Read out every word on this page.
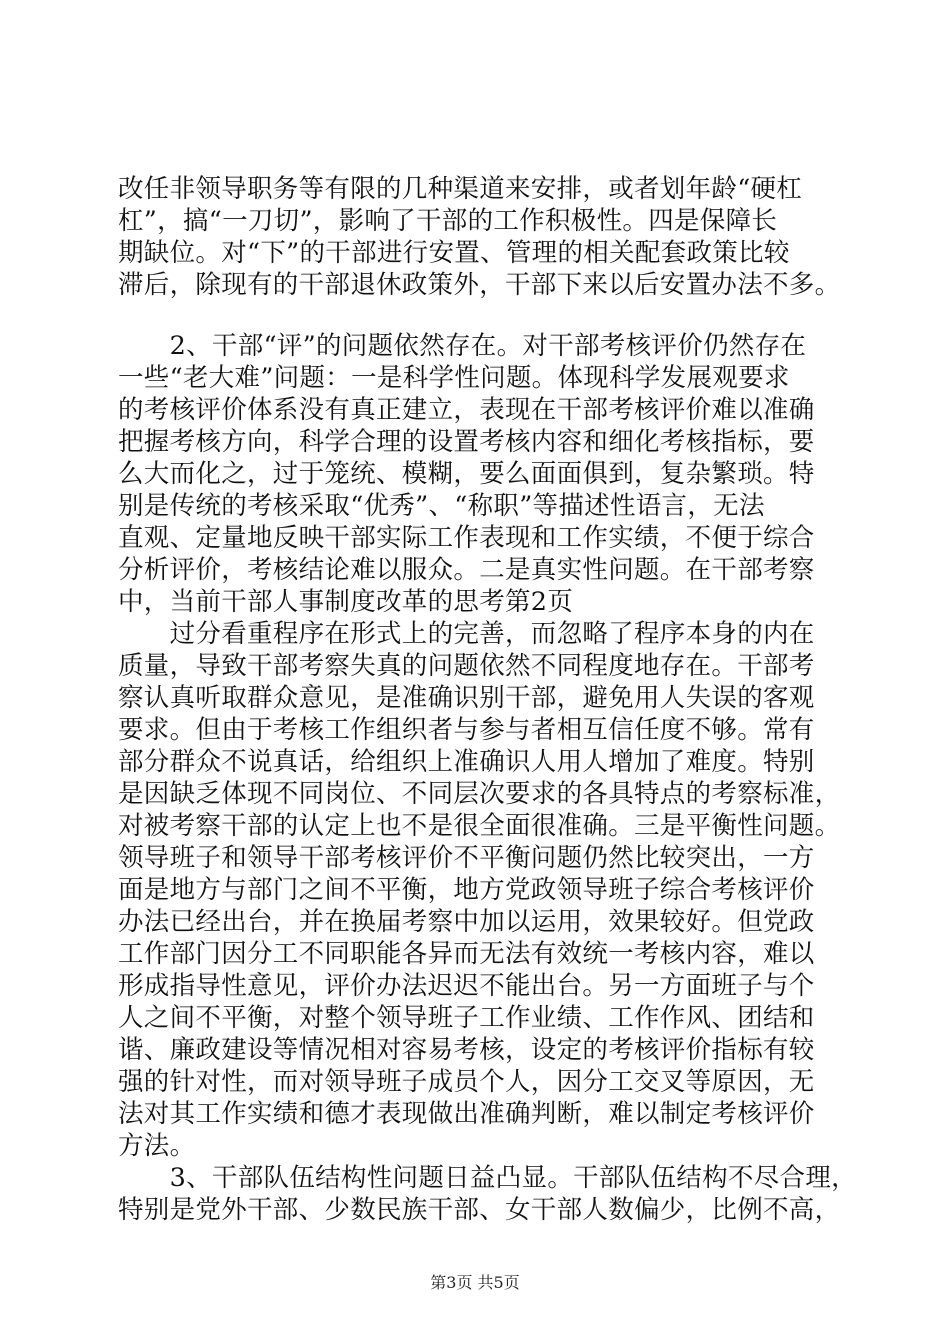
改任非领导职务等有限的几种渠道来安排，或者划年龄“硬杠
杠”，搞“一刀切”，影响了干部的工作积极性。四是保障长
期缺位。对“下”的干部进行安置、管理的相关配套政策比较
滞后，除现有的干部退休政策外，干部下来以后安置办法不多。
　　2、干部“评”的问题依然存在。对干部考核评价仍然存在
一些“老大难”问题：一是科学性问题。体现科学发展观要求
的考核评价体系没有真正建立，表现在干部考核评价难以准确
把握考核方向，科学合理的设置考核内容和细化考核指标，要
么大而化之，过于笼统、模糊，要么面面俱到，复杂繁琐。特
别是传统的考核采取“优秀”、“称职”等描述性语言，无法
直观、定量地反映干部实际工作表现和工作实绩，不便于综合
分析评价，考核结论难以服众。二是真实性问题。在干部考察
中，当前干部人事制度改革的思考第2页
　　过分看重程序在形式上的完善，而忽略了程序本身的内在
质量，导致干部考察失真的问题依然不同程度地存在。干部考
察认真听取群众意见，是准确识别干部，避免用人失误的客观
要求。但由于考核工作组织者与参与者相互信任度不够。常有
部分群众不说真话，给组织上准确识人用人增加了难度。特别
是因缺乏体现不同岗位、不同层次要求的各具特点的考察标准，
对被考察干部的认定上也不是很全面很准确。三是平衡性问题。
领导班子和领导干部考核评价不平衡问题仍然比较突出，一方
面是地方与部门之间不平衡，地方党政领导班子综合考核评价
办法已经出台，并在换届考察中加以运用，效果较好。但党政
工作部门因分工不同职能各异而无法有效统一考核内容，难以
形成指导性意见，评价办法迟迟不能出台。另一方面班子与个
人之间不平衡，对整个领导班子工作业绩、工作作风、团结和
谐、廉政建设等情况相对容易考核，设定的考核评价指标有较
强的针对性，而对领导班子成员个人，因分工交叉等原因，无
法对其工作实绩和德才表现做出准确判断，难以制定考核评价
方法。
　　3、干部队伍结构性问题日益凸显。干部队伍结构不尽合理，
特别是党外干部、少数民族干部、女干部人数偏少，比例不高，
第3页 共5页
